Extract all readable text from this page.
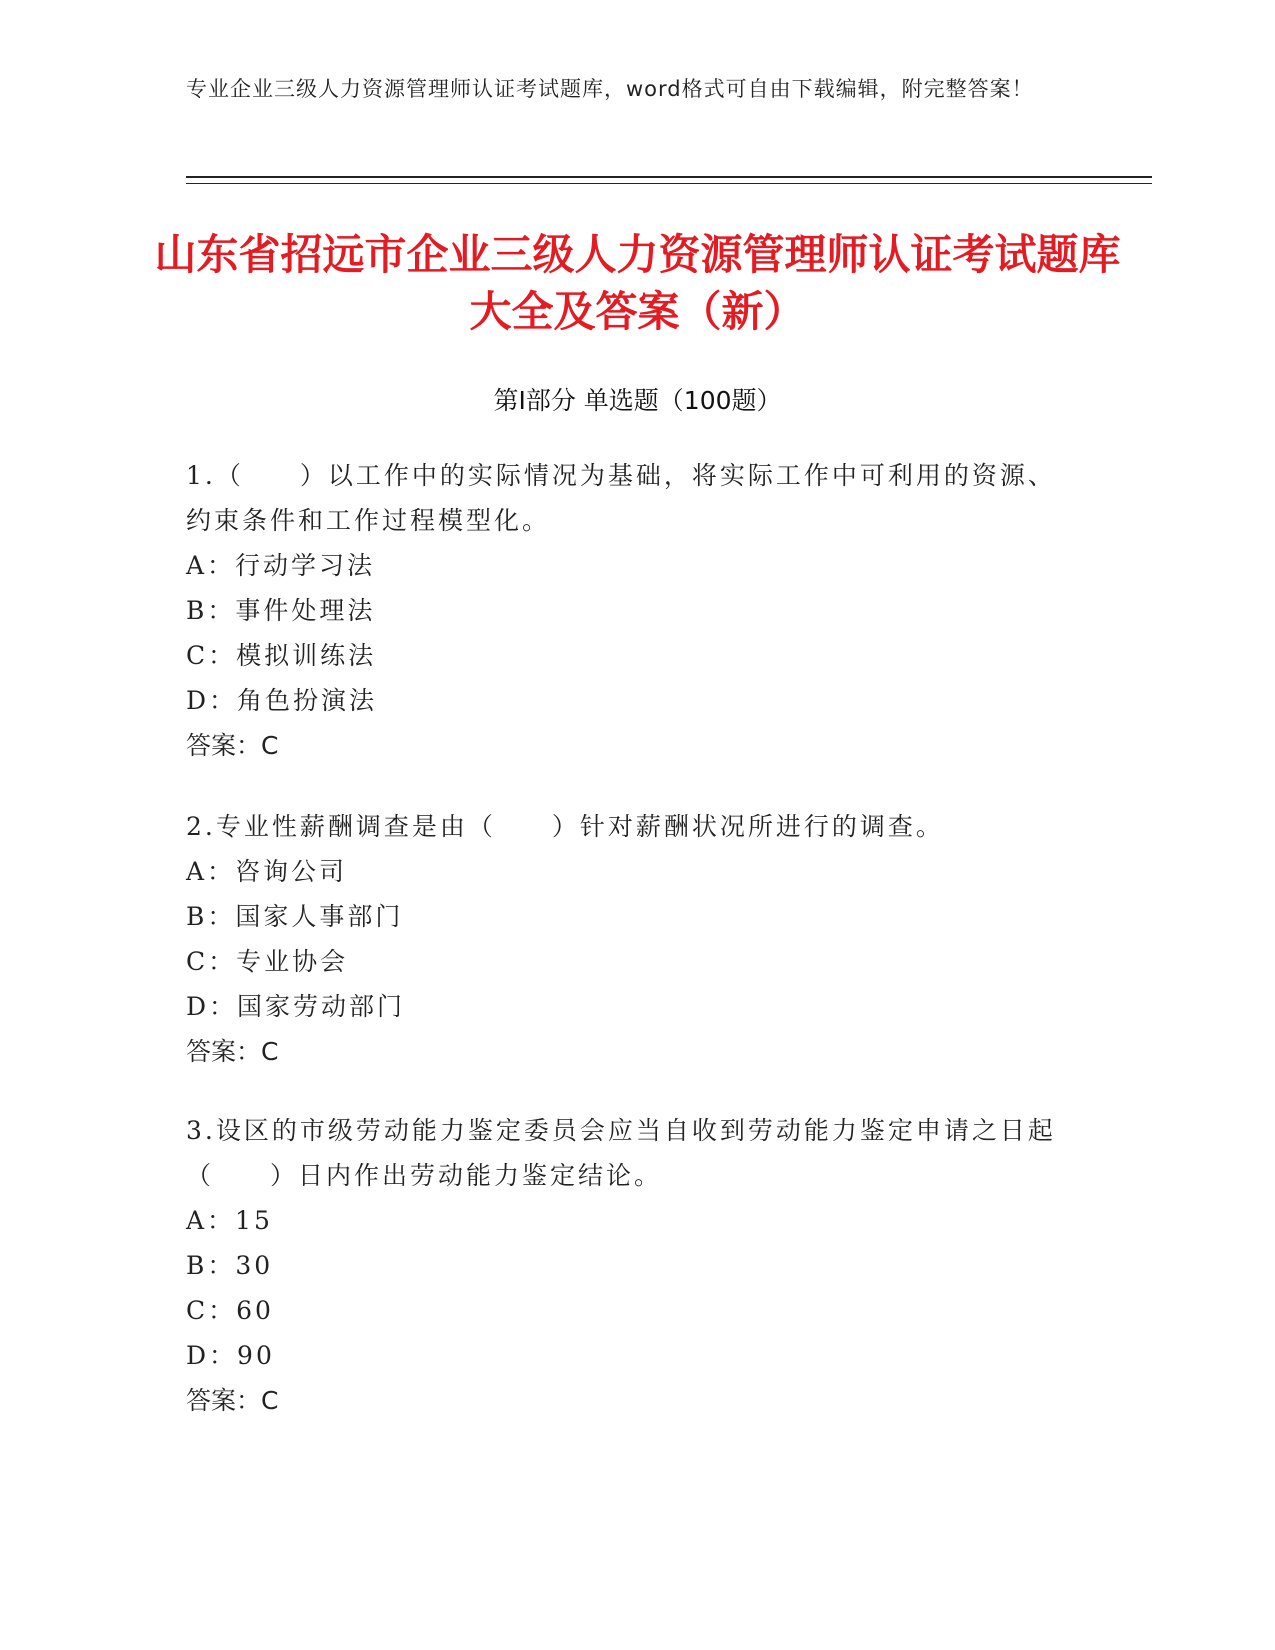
专业企业三级人力资源管理师认证考试题库，word格式可自由下载编辑，附完整答案！
山东省招远市企业三级人力资源管理师认证考试题库大全及答案（新）
第Ⅰ部分 单选题（100题）

1.（　　）以工作中的实际情况为基础，将实际工作中可利用的资源、约束条件和工作过程模型化。

A：行动学习法

B：事件处理法

C：模拟训练法

D：角色扮演法

答案：C

2.专业性薪酬调查是由（　　）针对薪酬状况所进行的调查。

A：咨询公司

B：国家人事部门

C：专业协会

D：国家劳动部门

答案：C

3.设区的市级劳动能力鉴定委员会应当自收到劳动能力鉴定申请之日起（　　）日内作出劳动能力鉴定结论。

A：15

B：30

C：60

D：90

答案：C
